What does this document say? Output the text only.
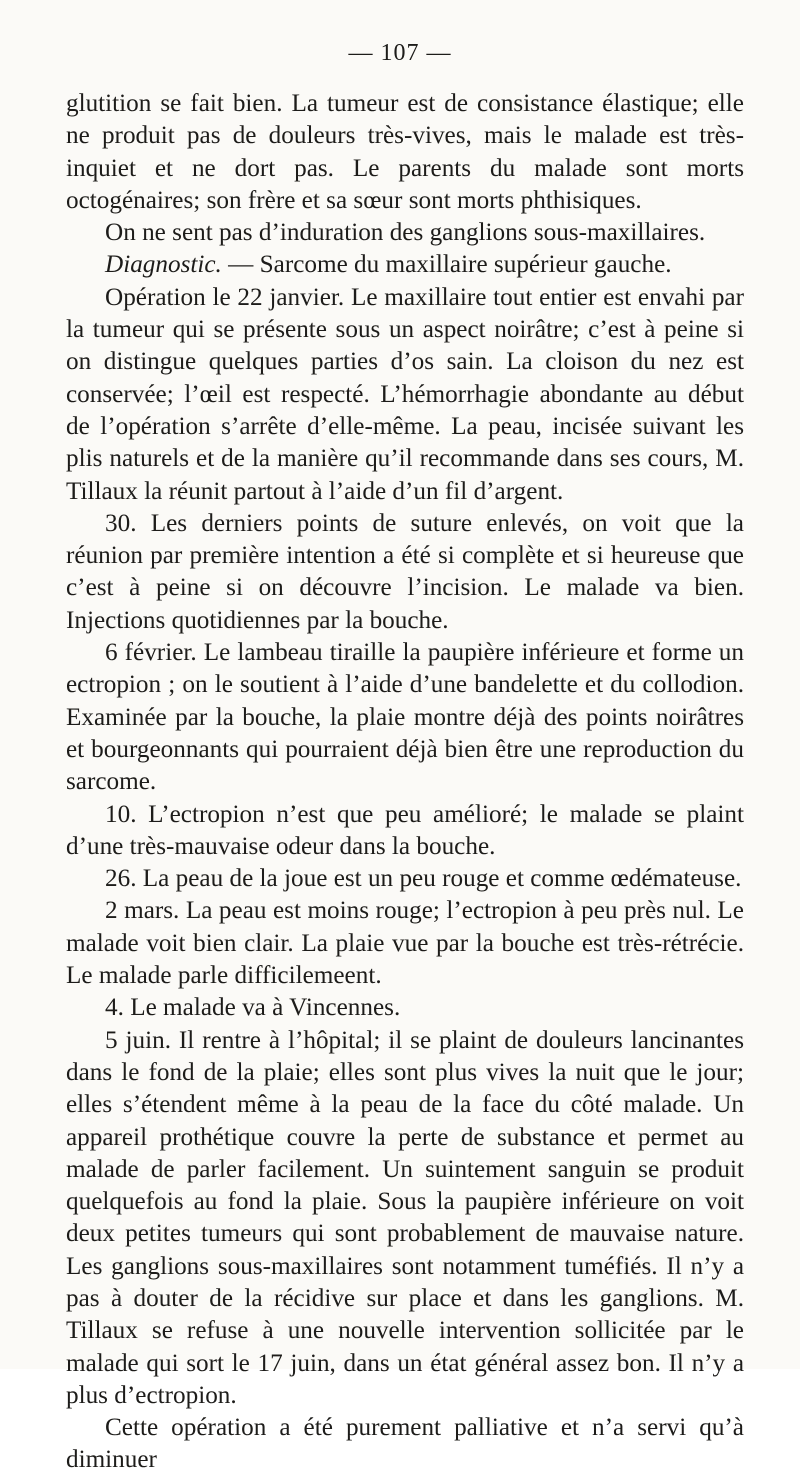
— 107 —

glutition se fait bien. La tumeur est de consistance élastique; elle ne produit pas de douleurs très-vives, mais le malade est très-inquiet et ne dort pas. Le parents du malade sont morts octogénaires; son frère et sa sœur sont morts phthisiques.

On ne sent pas d’induration des ganglions sous-maxillaires.

Diagnostic. — Sarcome du maxillaire supérieur gauche.

Opération le 22 janvier. Le maxillaire tout entier est envahi par la tumeur qui se présente sous un aspect noirâtre; c’est à peine si on distingue quelques parties d’os sain. La cloison du nez est conservée; l’œil est respecté. L’hémorrhagie abondante au début de l’opération s’arrête d’elle-même. La peau, incisée suivant les plis naturels et de la manière qu’il recommande dans ses cours, M. Tillaux la réunit partout à l’aide d’un fil d’argent.

30. Les derniers points de suture enlevés, on voit que la réunion par première intention a été si complète et si heureuse que c’est à peine si on découvre l’incision. Le malade va bien. Injections quotidiennes par la bouche.

6 février. Le lambeau tiraille la paupière inférieure et forme un ectropion ; on le soutient à l’aide d’une bandelette et du collodion. Examinée par la bouche, la plaie montre déjà des points noirâtres et bourgeonnants qui pourraient déjà bien être une reproduction du sarcome.

10. L’ectropion n’est que peu amélioré; le malade se plaint d’une très-mauvaise odeur dans la bouche.

26. La peau de la joue est un peu rouge et comme œdémateuse.

2 mars. La peau est moins rouge; l’ectropion à peu près nul. Le malade voit bien clair. La plaie vue par la bouche est très-rétrécie. Le malade parle difficilemeent.

4. Le malade va à Vincennes.

5 juin. Il rentre à l’hôpital; il se plaint de douleurs lancinantes dans le fond de la plaie; elles sont plus vives la nuit que le jour; elles s’étendent même à la peau de la face du côté malade. Un appareil prothétique couvre la perte de substance et permet au malade de parler facilement. Un suintement sanguin se produit quelquefois au fond la plaie. Sous la paupière inférieure on voit deux petites tumeurs qui sont probablement de mauvaise nature. Les ganglions sous-maxillaires sont notamment tuméfiés. Il n’y a pas à douter de la récidive sur place et dans les ganglions. M. Tillaux se refuse à une nouvelle intervention sollicitée par le malade qui sort le 17 juin, dans un état général assez bon. Il n’y a plus d’ectropion.

Cette opération a été purement palliative et n’a servi qu’à diminuer
